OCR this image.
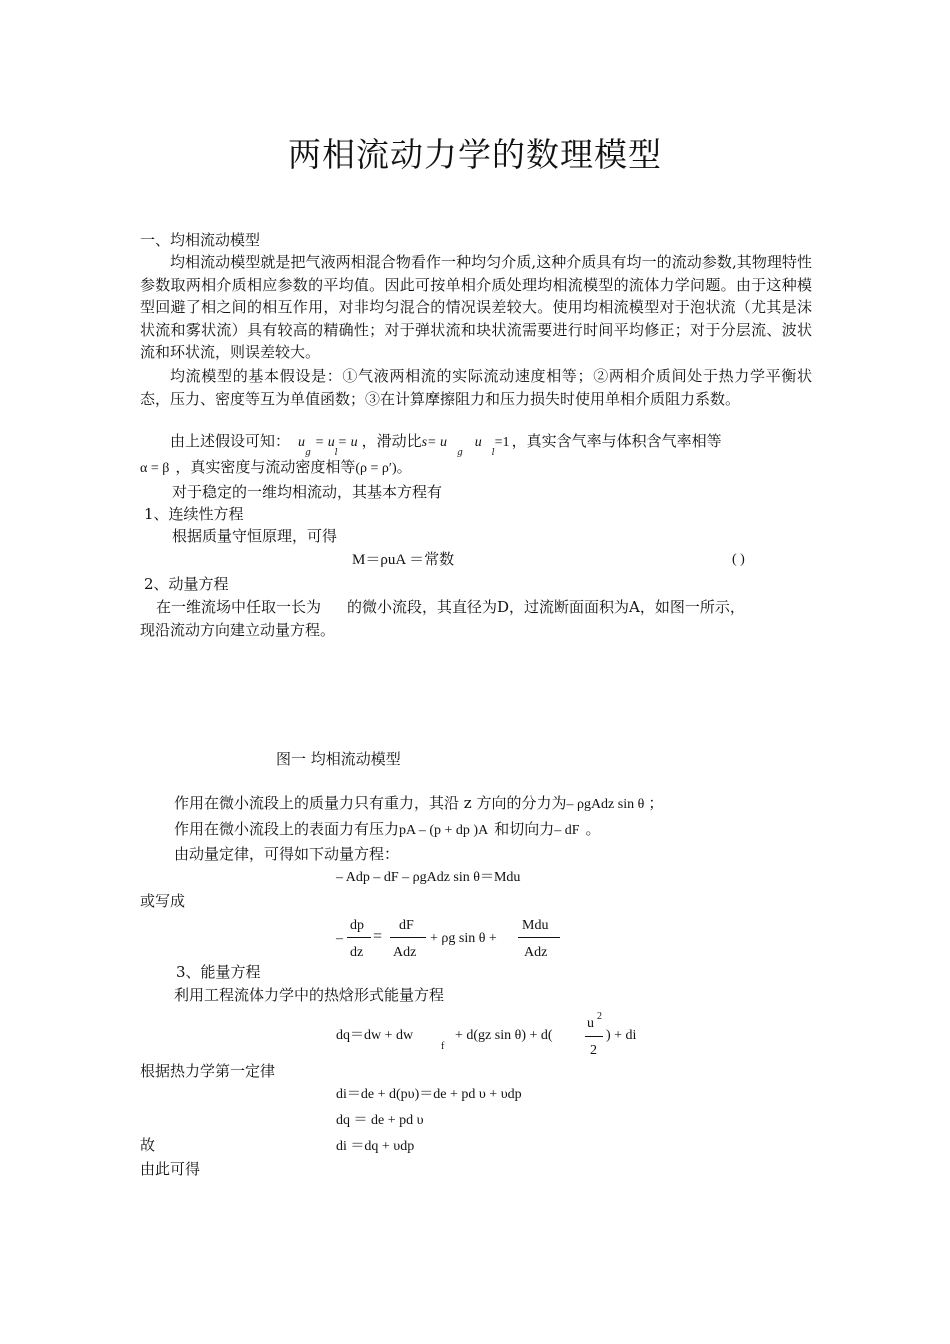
两相流动力学的数理模型
一、均相流动模型
均相流动模型就是把气液两相混合物看作一种均匀介质,这种介质具有均一的流动参数,其物理特性参数取两相介质相应参数的平均值。因此可按单相介质处理均相流模型的流体力学问题。由于这种模型回避了相之间的相互作用，对非均匀混合的情况误差较大。使用均相流模型对于泡状流（尤其是沫状流和雾状流）具有较高的精确性；对于弹状流和块状流需要进行时间平均修正；对于分层流、波状流和环状流，则误差较大。
均流模型的基本假设是：①气液两相流的实际流动速度相等；②两相介质间处于热力学平衡状态，压力、密度等互为单值函数；③在计算摩擦阻力和压力损失时使用单相介质阻力系数。
由上述假设可知： $u_g= u_l= u$ ，滑动比$s= u_gu_l=1$ ，真实含气率与体积含气率相等
α = β ，真实密度与流动密度相等(ρ = ρ′)。
对于稳定的一维均相流动，其基本方程有
1、连续性方程
根据质量守恒原理，可得
M＝ρuA ＝常数	( )
2、动量方程
在一维流场中任取一长为 的微小流段，其直径为D，过流断面面积为A，如图一所示，
现沿流动方向建立动量方程。
图一 均相流动模型
作用在微小流段上的质量力只有重力，其沿 z 方向的分力为– ρgAdz sin θ ；
作用在微小流段上的表面力有压力pA – (p + dp )A 和切向力– dF 。
由动量定律，可得如下动量方程：
– Adp – dF – ρgAdz sin θ＝Mdu
或写成
–
dp
dz
=
dF
Adz
+ ρg sin θ +
Mdu
Adz
3、能量方程
利用工程流体力学中的热焓形式能量方程
dq＝dw + dw
f
+ d(gz sin θ) + d(
u 2
2
) + di
根据热力学第一定律
di＝de + d(pυ)＝de + pd υ + υdp
dq ＝ de + pd υ
故	di ＝dq + υdp
由此可得
